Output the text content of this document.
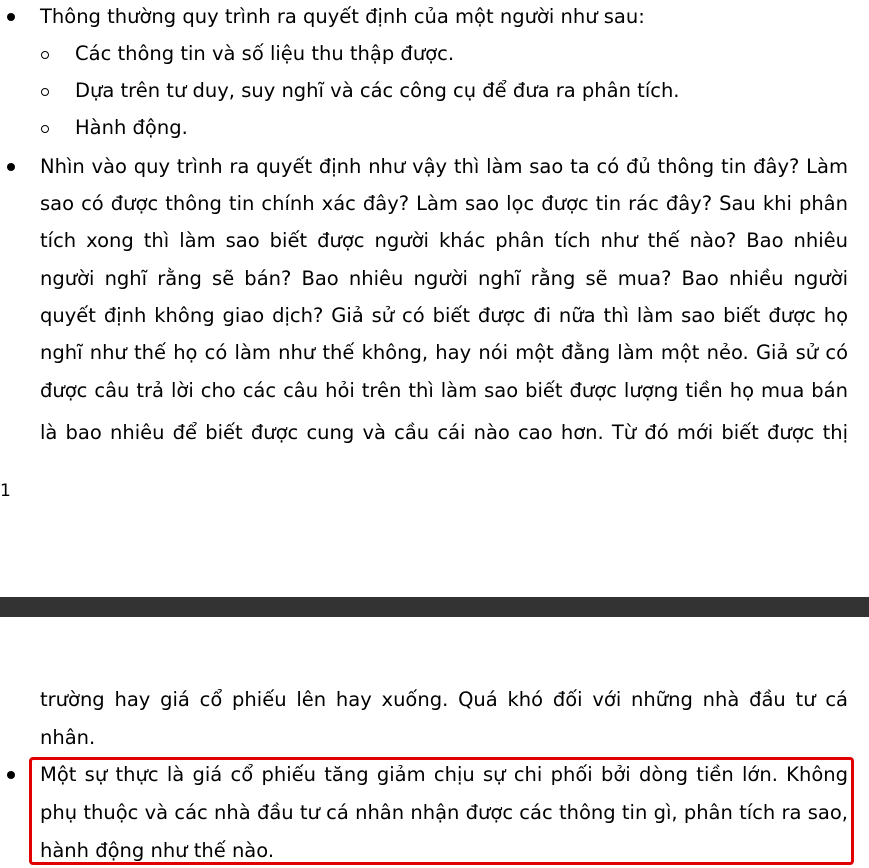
Thông thường quy trình ra quyết định của một người như sau:
Các thông tin và số liệu thu thập được.
Dựa trên tư duy, suy nghĩ và các công cụ để đưa ra phân tích.
Hành động.
Nhìn vào quy trình ra quyết định như vậy thì làm sao ta có đủ thông tin đây? Làm
sao có được thông tin chính xác đây? Làm sao lọc được tin rác đây? Sau khi phân
tích xong thì làm sao biết được người khác phân tích như thế nào? Bao nhiêu
người nghĩ rằng sẽ bán? Bao nhiêu người nghĩ rằng sẽ mua? Bao nhiều người
quyết định không giao dịch? Giả sử có biết được đi nữa thì làm sao biết được họ
nghĩ như thế họ có làm như thế không, hay nói một đằng làm một nẻo. Giả sử có
được câu trả lời cho các câu hỏi trên thì làm sao biết được lượng tiền họ mua bán
là bao nhiêu để biết được cung và cầu cái nào cao hơn. Từ đó mới biết được thị
1
trường hay giá cổ phiếu lên hay xuống. Quá khó đối với những nhà đầu tư cá
nhân.
Một sự thực là giá cổ phiếu tăng giảm chịu sự chi phối bởi dòng tiền lớn. Không
phụ thuộc và các nhà đầu tư cá nhân nhận được các thông tin gì, phân tích ra sao,
hành động như thế nào.
